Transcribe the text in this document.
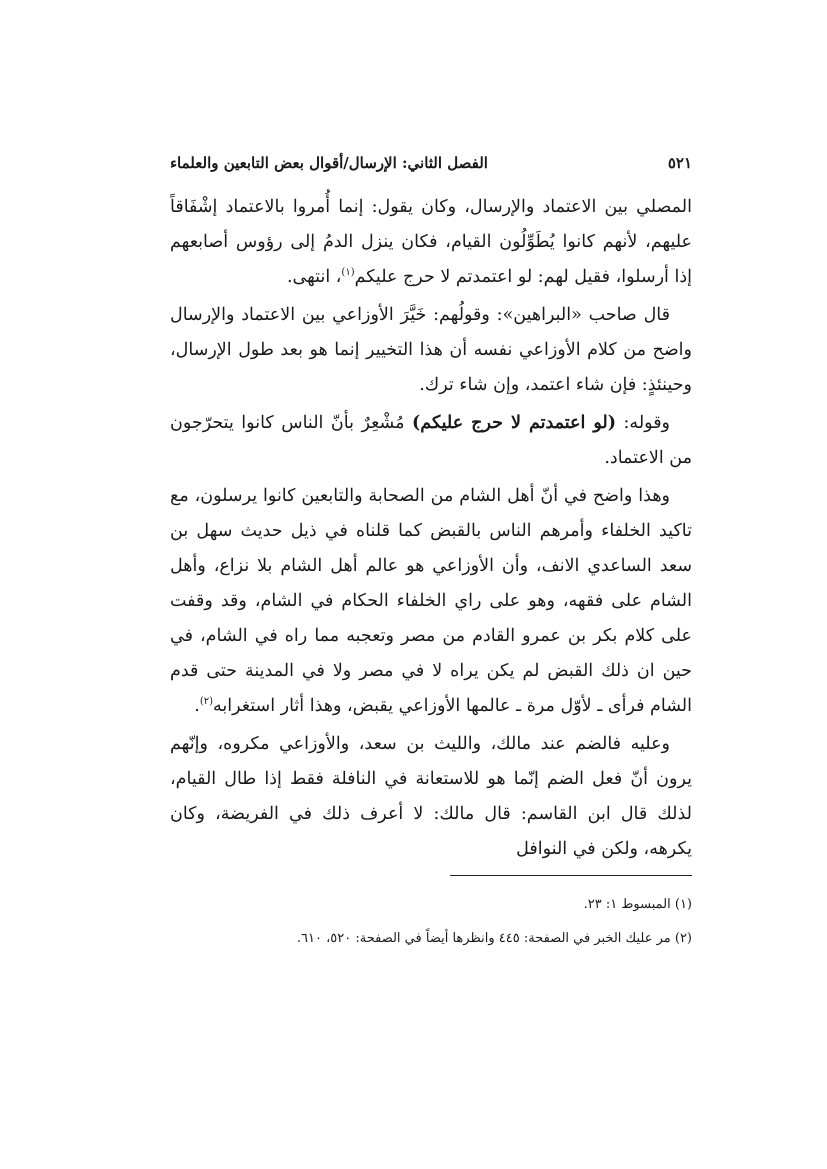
الفصل الثاني: الإرسال/أقوال بعض التابعين والعلماء	٥٢١

المصلي بين الاعتماد والإرسال، وكان يقول: إنما أُمروا بالاعتماد إشْفَاقاً عليهم، لأنهم كانوا يُطَوِّلُون القيام، فكان ينزل الدمُ إلى رؤوس أصابعهم إذا أرسلوا، فقيل لهم: لو اعتمدتم لا حرج عليكم$^{(١)}$، انتهى.

قال صاحب «البراهين»: وقولُهم: خَيَّرَ الأوزاعي بين الاعتماد والإرسال واضح من كلام الأوزاعي نفسه أن هذا التخيير إنما هو بعد طول الإرسال، وحينئذٍ: فإن شاء اعتمد، وإن شاء ترك.

وقوله: (لو اعتمدتم لا حرج عليكم) مُشْعِرٌ بأنّ الناس كانوا يتحرّجون من الاعتماد.

وهذا واضح في أنّ أهل الشام من الصحابة والتابعين كانوا يرسلون، مع تاكيد الخلفاء وأمرهم الناس بالقبض كما قلناه في ذيل حديث سهل بن سعد الساعدي الانف، وأن الأوزاعي هو عالم أهل الشام بلا نزاع، وأهل الشام على فقهه، وهو على راي الخلفاء الحكام في الشام، وقد وقفت على كلام بكر بن عمرو القادم من مصر وتعجبه مما راه في الشام، في حين ان ذلك القبض لم يكن يراه لا في مصر ولا في المدينة حتى قدم الشام فرأى ـ لأوّل مرة ـ عالمها الأوزاعي يقبض، وهذا أثار استغرابه$^{(٢)}$.

وعليه فالضم عند مالك، والليث بن سعد، والأوزاعي مكروه، وإنّهم يرون أنّ فعل الضم إنّما هو للاستعانة في النافلة فقط إذا طال القيام، لذلك قال ابن القاسم: قال مالك: لا أعرف ذلك في الفريضة، وكان يكرهه، ولكن في النوافل

(١) المبسوط ١: ٢٣.
(٢) مر عليك الخبر في الصفحة: ٤٤٥ وانظرها أيضاً في الصفحة: ٥٢٠، ٦١٠.
